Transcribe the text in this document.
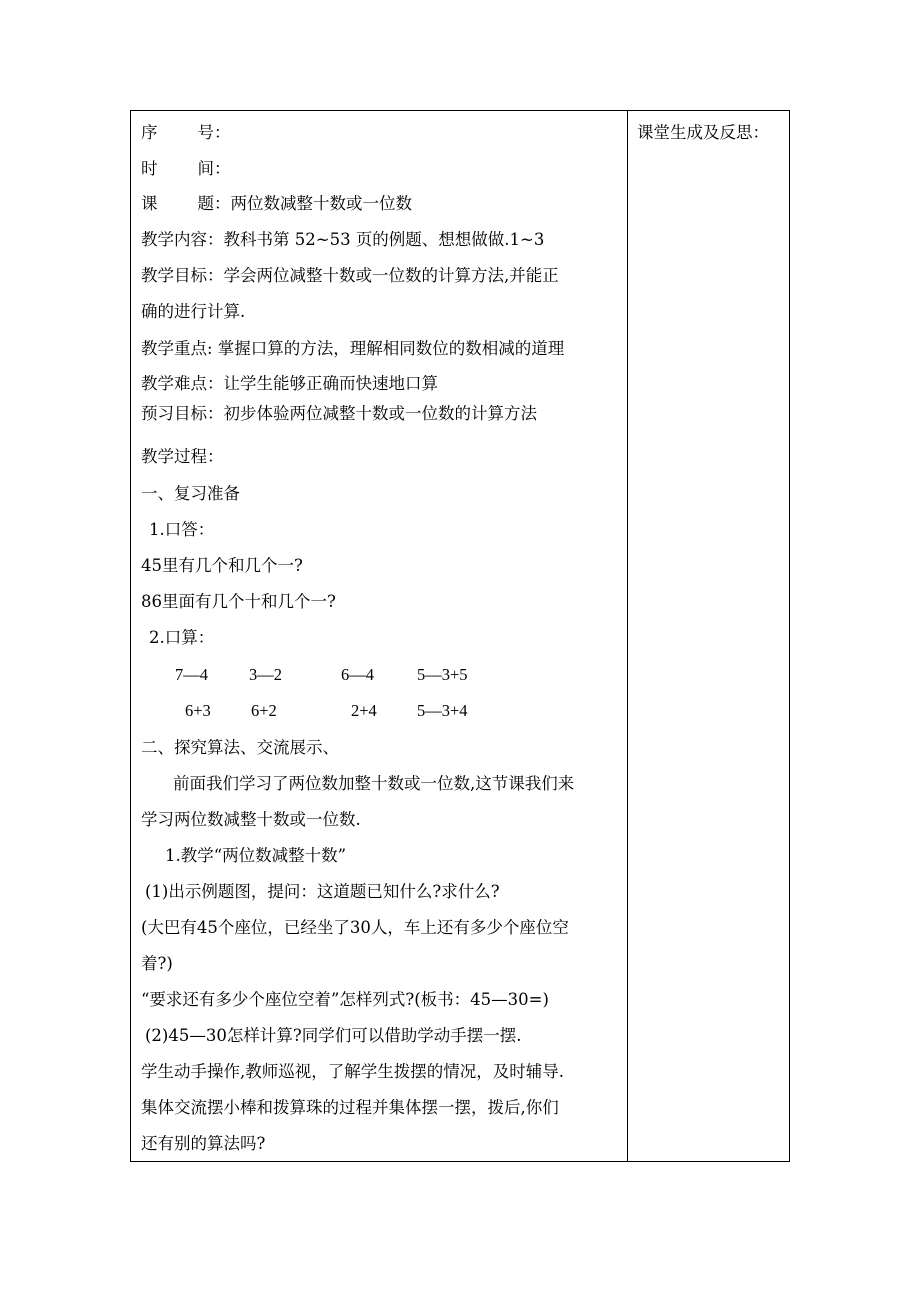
课堂生成及反思：
序 号：
时 间：
课 题：两位数减整十数或一位数
教学内容：教科书第 52~53 页的例题、想想做做.1~3
教学目标：学会两位减整十数或一位数的计算方法,并能正
确的进行计算.
教学重点: 掌握口算的方法，理解相同数位的数相减的道理
教学难点：让学生能够正确而快速地口算
预习目标：初步体验两位减整十数或一位数的计算方法
教学过程：
一、复习准备
1.口答：
45里有几个和几个一?
86里面有几个十和几个一?
2.口算：
7—4 3—2	6—4	5—3+5
6+3 6+2	2+4 5—3+4
二、探究算法、交流展示、
前面我们学习了两位数加整十数或一位数,这节课我们来
学习两位数减整十数或一位数.
1.教学“两位数减整十数”
(1)出示例题图，提问：这道题已知什么?求什么?
(大巴有45个座位，已经坐了30人，车上还有多少个座位空
着?)
“要求还有多少个座位空着”怎样列式?(板书：45—30=)
(2)45—30怎样计算?同学们可以借助学动手摆一摆.
学生动手操作,教师巡视，了解学生拨摆的情况，及时辅导.
集体交流摆小棒和拨算珠的过程并集体摆一摆，拨后,你们
还有别的算法吗?
